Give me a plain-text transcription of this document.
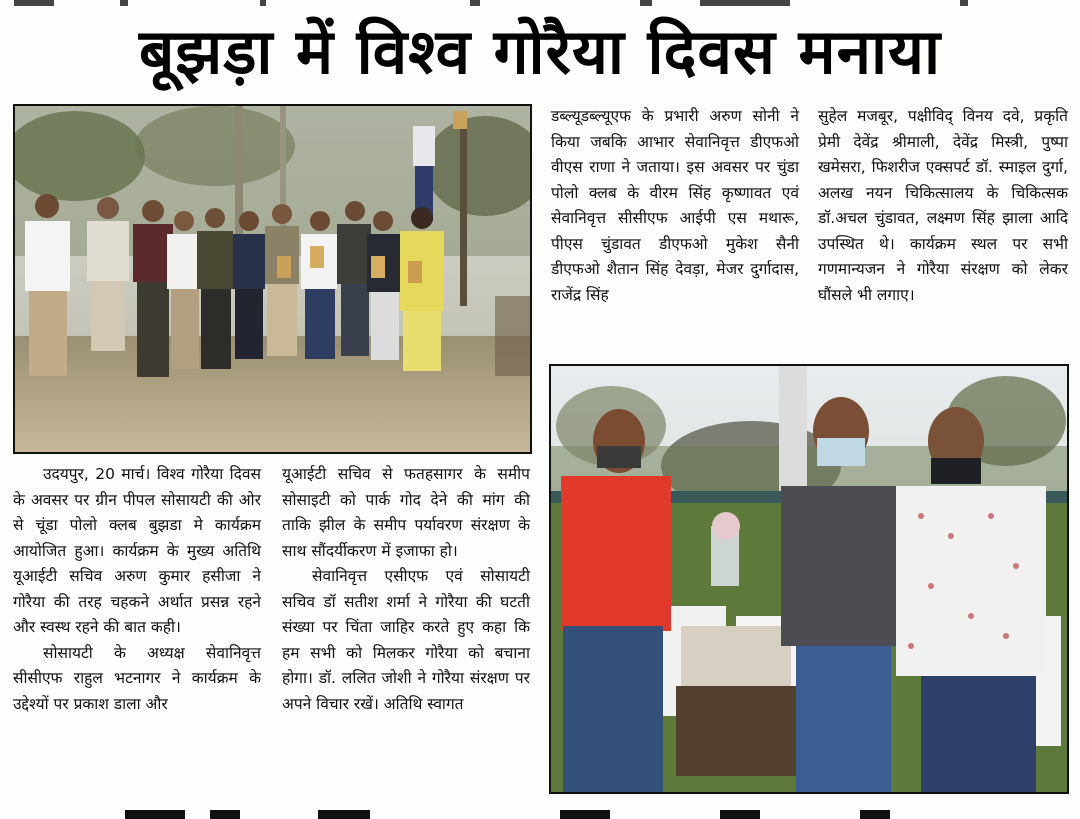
बूझड़ा में विश्व गोरैया दिवस मनाया

उदयपुर, 20 मार्च। विश्व गोरैया दिवस के अवसर पर ग्रीन पीपल सोसायटी की ओर से चूंडा पोलो क्लब बुझडा मे कार्यक्रम आयोजित हुआ। कार्यक्रम के मुख्य अतिथि यूआईटी सचिव अरुण कुमार हसीजा ने गोरैया की तरह चहकने अर्थात प्रसन्न रहने और स्वस्थ रहने की बात कही।

सोसायटी के अध्यक्ष सेवानिवृत्त सीसीएफ राहुल भटनागर ने कार्यक्रम के उद्देश्यों पर प्रकाश डाला और

यूआईटी सचिव से फतहसागर के समीप सोसाइटी को पार्क गोद देने की मांग की ताकि झील के समीप पर्यावरण संरक्षण के साथ सौंदर्यीकरण में इजाफा हो।

सेवानिवृत्त एसीएफ एवं सोसायटी सचिव डॉ सतीश शर्मा ने गोरैया की घटती संख्या पर चिंता जाहिर करते हुए कहा कि हम सभी को मिलकर गोरैया को बचाना होगा। डॉ. ललित जोशी ने गोरैया संरक्षण पर अपने विचार रखें। अतिथि स्वागत

डब्ल्यूडब्ल्यूएफ के प्रभारी अरुण सोनी ने किया जबकि आभार सेवानिवृत्त डीएफओ वीएस राणा ने जताया। इस अवसर पर चुंडा पोलो क्लब के वीरम सिंह कृष्णावत एवं सेवानिवृत्त सीसीएफ आईपी एस मथारू, पीएस चुंडावत डीएफओ मुकेश सैनी डीएफओ शैतान सिंह देवड़ा, मेजर दुर्गादास, राजेंद्र सिंह

सुहेल मजबूर, पक्षीविद् विनय दवे, प्रकृति प्रेमी देवेंद्र श्रीमाली, देवेंद्र मिस्त्री, पुष्पा खमेसरा, फिशरीज एक्सपर्ट डॉ. स्माइल दुर्गा, अलख नयन चिकित्सालय के चिकित्सक डॉ.अचल चुंडावत, लक्ष्मण सिंह झाला आदि उपस्थित थे। कार्यक्रम स्थल पर सभी गणमान्यजन ने गोरैया संरक्षण को लेकर घौंसले भी लगाए।
